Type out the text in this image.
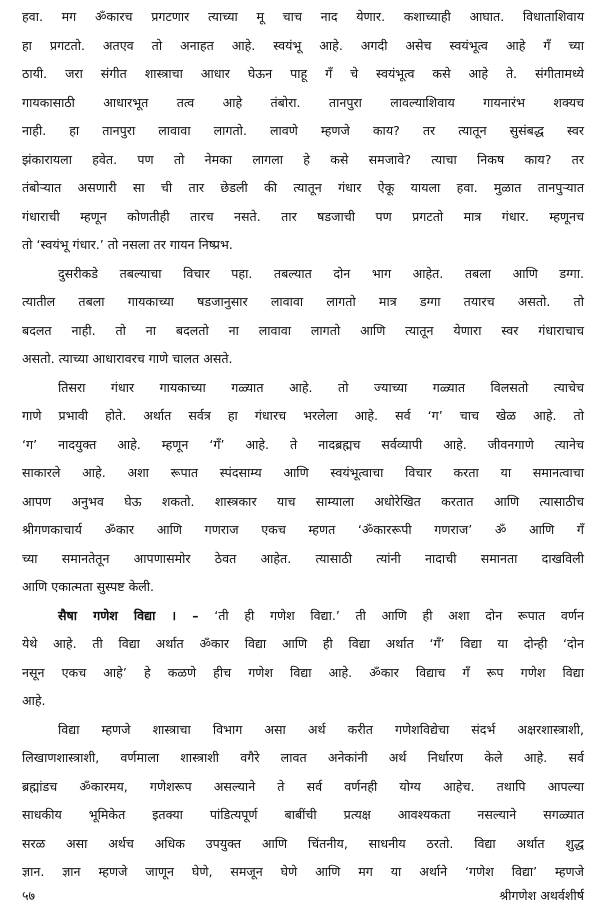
हवा. मग ॐकारच प्रगटणार त्याच्या मू चाच नाद येणार. कशाच्याही आघात. विधाताशिवाय
हा प्रगटतो. अतएव तो अनाहत आहे. स्वयंभू आहे. अगदी असेच स्वयंभूत्व आहे गँ च्या
ठायी. जरा संगीत शास्त्राचा आधार घेऊन पाहू गँ चे स्वयंभूत्व कसे आहे ते. संगीतामध्ये
गायकासाठी आधारभूत तत्व आहे तंबोरा. तानपुरा लावल्याशिवाय गायनारंभ शक्यच
नाही. हा तानपुरा लावावा लागतो. लावणे म्हणजे काय? तर त्यातून सुसंबद्ध स्वर
झंकारायला हवेत. पण तो नेमका लागला हे कसे समजावे? त्याचा निकष काय? तर
तंबोऱ्यात असणारी सा ची तार छेडली की त्यातून गंधार ऐकू यायला हवा. मुळात तानपुऱ्यात
गंधाराची म्हणून कोणतीही तारच नसते. तार षडजाची पण प्रगटतो मात्र गंधार. म्हणूनच
तो ‘स्वयंभू गंधार.’ तो नसला तर गायन निष्प्रभ.
दुसरीकडे तबल्याचा विचार पहा. तबल्यात दोन भाग आहेत. तबला आणि डग्गा.
त्यातील तबला गायकाच्या षडजानुसार लावावा लागतो मात्र डग्गा तयारच असतो. तो
बदलत नाही. तो ना बदलतो ना लावावा लागतो आणि त्यातून येणारा स्वर गंधाराचाच
असतो. त्याच्या आधारावरच गाणे चालत असते.
तिसरा गंधार गायकाच्या गळ्यात आहे. तो ज्याच्या गळ्यात विलसतो त्याचेच
गाणे प्रभावी होते. अर्थात सर्वत्र हा गंधारच भरलेला आहे. सर्व ‘ग’ चाच खेळ आहे. तो
‘ग’ नादयुक्त आहे. म्हणून ‘गँ’ आहे. ते नादब्रह्मच सर्वव्यापी आहे. जीवनगाणे त्यानेच
साकारले आहे. अशा रूपात स्पंदसाम्य आणि स्वयंभूत्वाचा विचार करता या समानत्वाचा
आपण अनुभव घेऊ शकतो. शास्त्रकार याच साम्याला अधोरेखित करतात आणि त्यासाठीच
श्रीगणकाचार्य ॐकार आणि गणराज एकच म्हणत ‘ॐकाररूपी गणराज’ ॐ आणि गँ
च्या समानतेतून आपणासमोर ठेवत आहेत. त्यासाठी त्यांनी नादाची समानता दाखविली
आणि एकात्मता सुस्पष्ट केली.
सैषा गणेश विद्या । – ‘ती ही गणेश विद्या.’ ती आणि ही अशा दोन रूपात वर्णन
येथे आहे. ती विद्या अर्थात ॐकार विद्या आणि ही विद्या अर्थात ‘गँ’ विद्या या दोन्ही ‘दोन
नसून एकच आहे’ हे कळणे हीच गणेश विद्या आहे. ॐकार विद्याच गँ रूप गणेश विद्या
आहे.
विद्या म्हणजे शास्त्राचा विभाग असा अर्थ करीत गणेशविद्येचा संदर्भ अक्षरशास्त्राशी,
लिखाणशास्त्राशी, वर्णमाला शास्त्राशी वगैरे लावत अनेकांनी अर्थ निर्धारण केले आहे. सर्व
ब्रह्मांडच ॐकारमय, गणेशरूप असल्याने ते सर्व वर्णनही योग्य आहेच. तथापि आपल्या
साधकीय भूमिकेत इतक्या पांडित्यपूर्ण बाबींची प्रत्यक्ष आवश्यकता नसल्याने सगळ्यात
सरळ असा अर्थच अधिक उपयुक्त आणि चिंतनीय, साधनीय ठरतो. विद्या अर्थात शुद्ध
ज्ञान. ज्ञान म्हणजे जाणून घेणे, समजून घेणे आणि मग या अर्थाने ‘गणेश विद्या’ म्हणजे
५७	श्रीगणेश अथर्वशीर्ष
